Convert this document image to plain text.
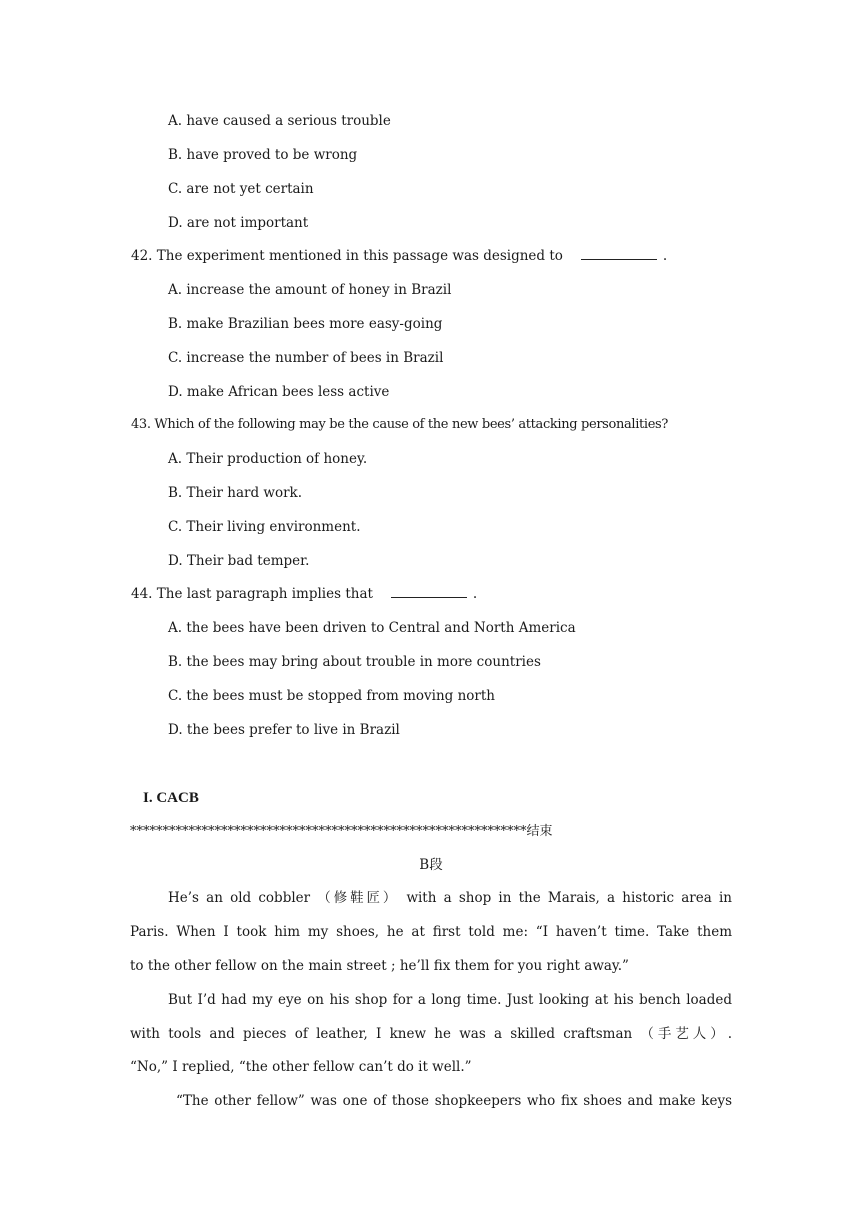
A. have caused a serious trouble
B. have proved to be wrong
C. are not yet certain
D. are not important
42. The experiment mentioned in this passage was designed to	.
A. increase the amount of honey in Brazil
B. make Brazilian bees more easy-going
C. increase the number of bees in Brazil
D. make African bees less active
43. Which of the following may be the cause of the new bees’ attacking personalities?
A. Their production of honey.
B. Their hard work.
C. Their living environment.
D. Their bad temper.
44. The last paragraph implies that	.
A. the bees have been driven to Central and North America
B. the bees may bring about trouble in more countries
C. the bees must be stopped from moving north
D. the bees prefer to live in Brazil
I. CACB
*************************************************************结束
B段
He’s an old cobbler （修鞋匠） with a shop in the Marais, a historic area in
Paris. When I took him my shoes, he at first told me: “I haven’t time. Take them
to the other fellow on the main street ; he’ll fix them for you right away.”
But I’d had my eye on his shop for a long time. Just looking at his bench loaded
with tools and pieces of leather, I knew he was a skilled craftsman （手艺人）.
“No,” I replied, “the other fellow can’t do it well.”
“The other fellow” was one of those shopkeepers who fix shoes and make keys
